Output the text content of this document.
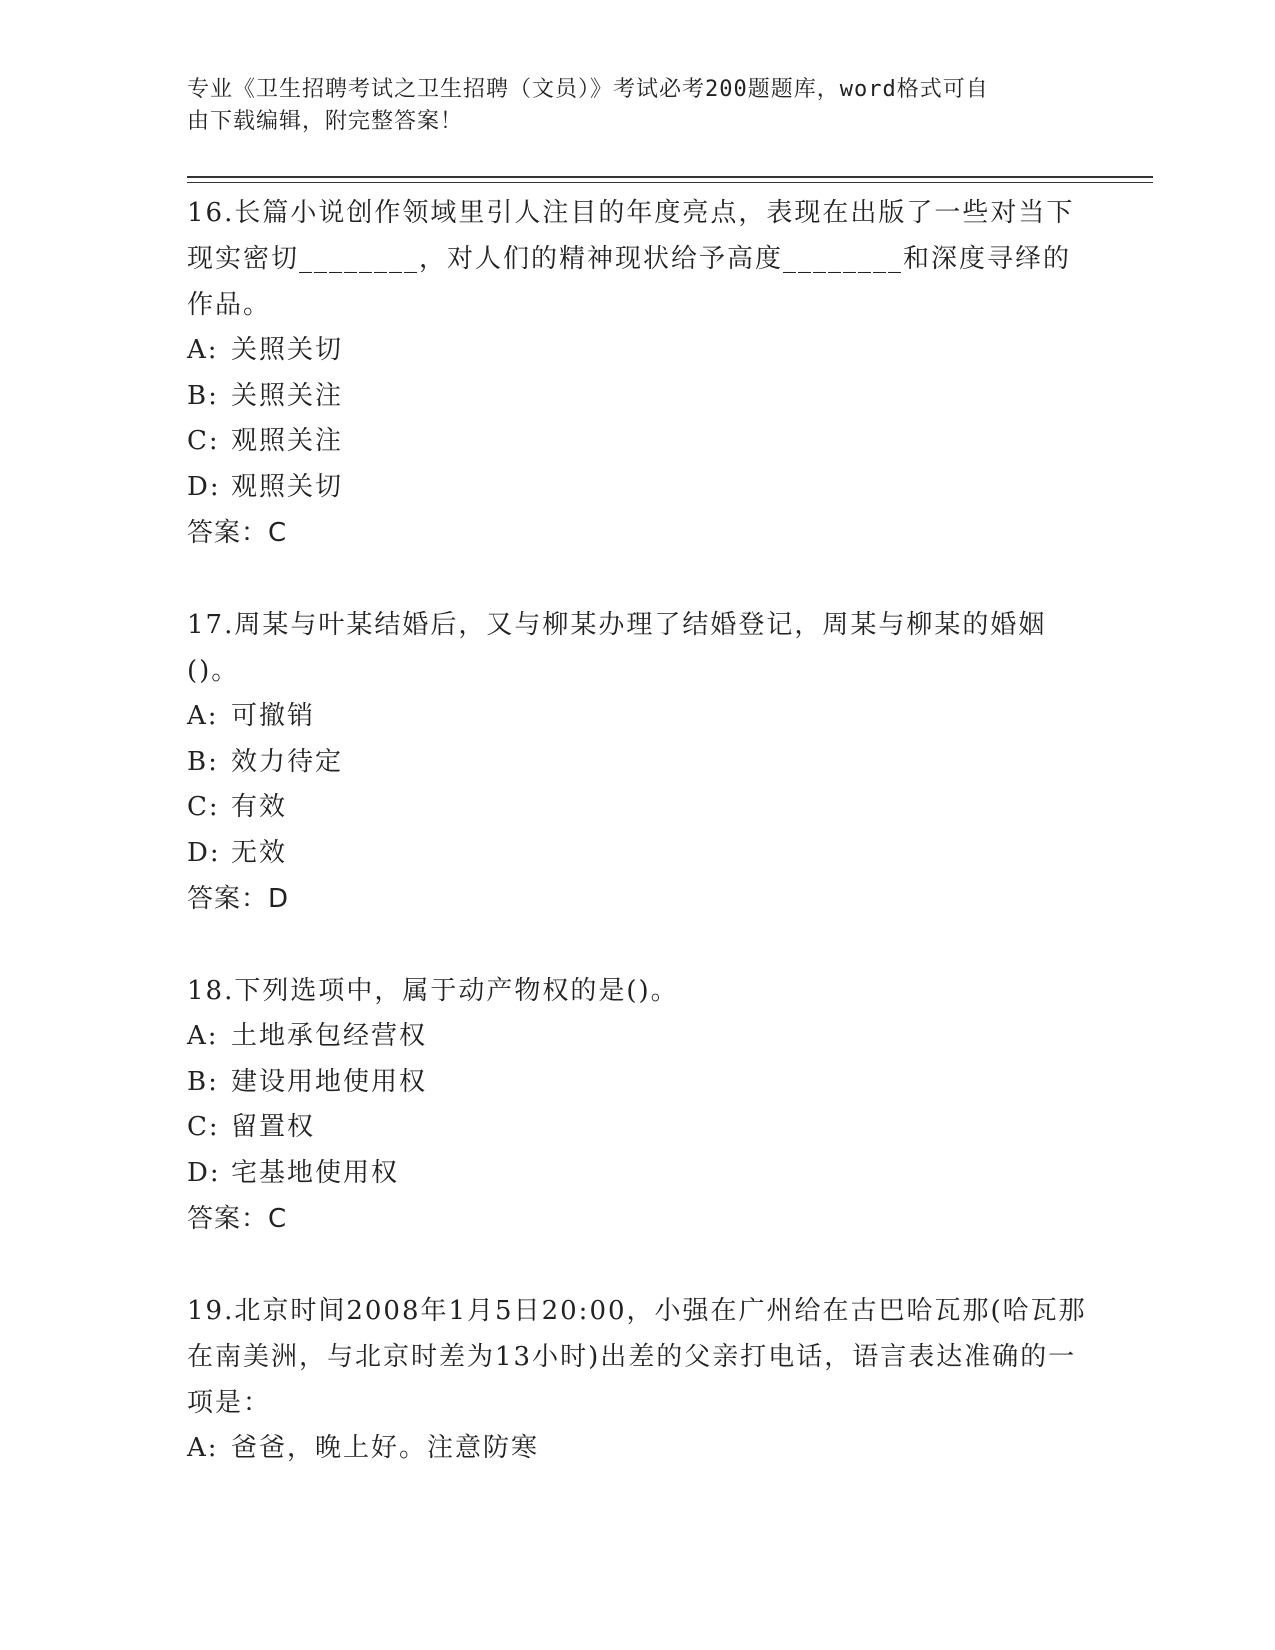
专业《卫生招聘考试之卫生招聘（文员）》考试必考200题题库，word格式可自
由下载编辑，附完整答案！
16.长篇小说创作领域里引人注目的年度亮点，表现在出版了一些对当下现实密切________，对人们的精神现状给予高度________和深度寻绎的作品。
A: 关照关切
B: 关照关注
C: 观照关注
D: 观照关切
答案：C
17.周某与叶某结婚后，又与柳某办理了结婚登记，周某与柳某的婚姻()。
A: 可撤销
B: 效力待定
C: 有效
D: 无效
答案：D
18.下列选项中，属于动产物权的是()。
A: 土地承包经营权
B: 建设用地使用权
C: 留置权
D: 宅基地使用权
答案：C
19.北京时间2008年1月5日20:00，小强在广州给在古巴哈瓦那(哈瓦那在南美洲，与北京时差为13小时)出差的父亲打电话，语言表达准确的一项是：
A: 爸爸，晚上好。注意防寒
